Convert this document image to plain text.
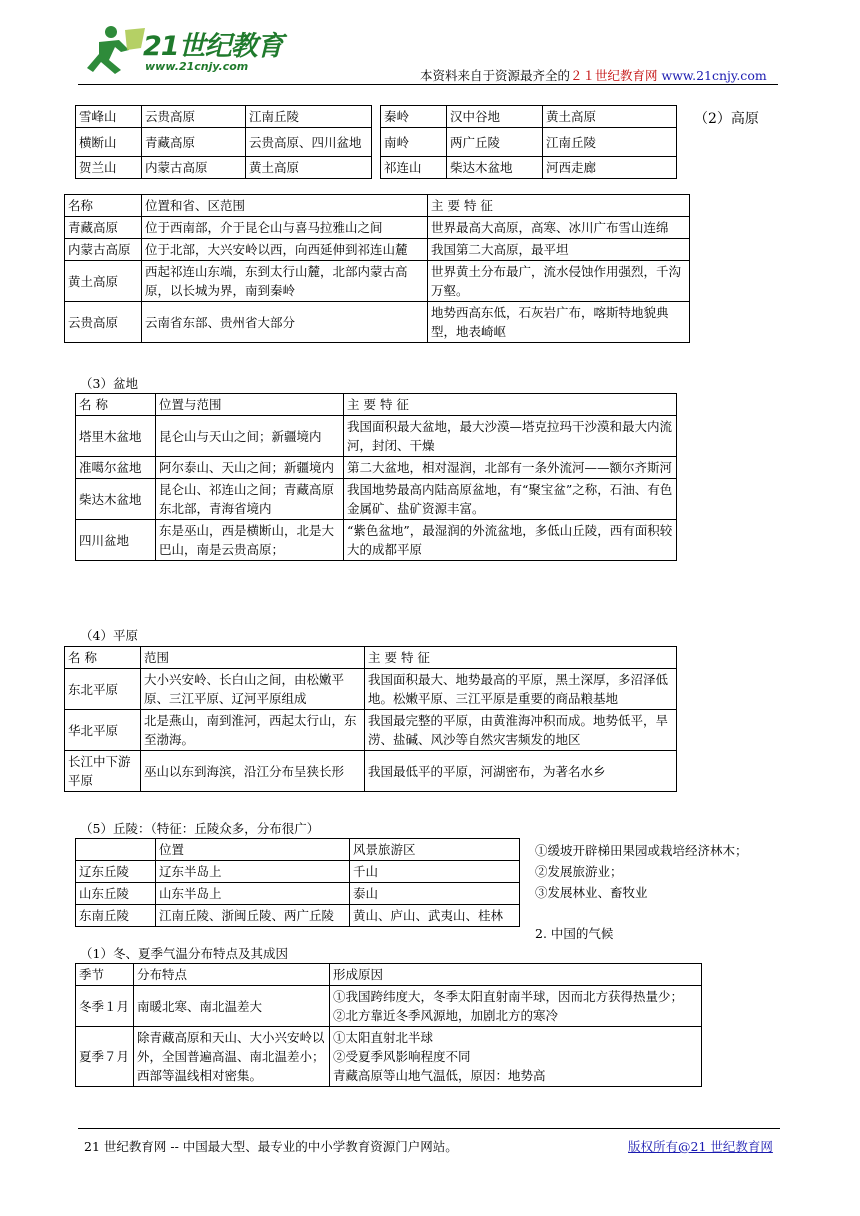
21世纪教育
www.21cnjy.com
本资料来自于资源最齐全的２１世纪教育网 www.21cnjy.com
雪峰山	云贵高原	江南丘陵
横断山	青藏高原	云贵高原、四川盆地
贺兰山	内蒙古高原	黄土高原
秦岭	汉中谷地	黄土高原
南岭	两广丘陵	江南丘陵
祁连山	柴达木盆地	河西走廊
（2）高原
名称	位置和省、区范围	主 要 特 征
青藏高原	位于西南部，介于昆仑山与喜马拉雅山之间	世界最高大高原，高寒、冰川广布雪山连绵
内蒙古高原	位于北部，大兴安岭以西，向西延伸到祁连山麓	我国第二大高原，最平坦
黄土高原	西起祁连山东端，东到太行山麓，北部内蒙古高原，以长城为界，南到秦岭	世界黄土分布最广，流水侵蚀作用强烈，千沟万壑。
云贵高原	云南省东部、贵州省大部分	地势西高东低，石灰岩广布，喀斯特地貌典型，地表崎岖
（3）盆地
名 称	位置与范围	主 要 特 征
塔里木盆地	昆仑山与天山之间；新疆境内	我国面积最大盆地，最大沙漠—塔克拉玛干沙漠和最大内流河，封闭、干燥
准噶尔盆地	阿尔泰山、天山之间；新疆境内	第二大盆地，相对湿润，北部有一条外流河——额尔齐斯河
柴达木盆地	昆仑山、祁连山之间；青藏高原东北部，青海省境内	我国地势最高内陆高原盆地，有“聚宝盆”之称，石油、有色金属矿、盐矿资源丰富。
四川盆地	东是巫山，西是横断山，北是大巴山，南是云贵高原；	“紫色盆地”，最湿润的外流盆地，多低山丘陵，西有面积较大的成都平原
（4）平原
名 称	范围	主 要 特 征
东北平原	大小兴安岭、长白山之间，由松嫩平原、三江平原、辽河平原组成	我国面积最大、地势最高的平原，黑土深厚，多沼泽低地。松嫩平原、三江平原是重要的商品粮基地
华北平原	北是燕山，南到淮河，西起太行山，东至渤海。	我国最完整的平原，由黄淮海冲积而成。地势低平，旱涝、盐碱、风沙等自然灾害频发的地区
长江中下游平原	巫山以东到海滨，沿江分布呈狭长形	我国最低平的平原，河湖密布，为著名水乡
（5）丘陵：（特征：丘陵众多，分布很广）
	位置	风景旅游区
辽东丘陵	辽东半岛上	千山
山东丘陵	山东半岛上	泰山
东南丘陵	江南丘陵、浙闽丘陵、两广丘陵	黄山、庐山、武夷山、桂林
①缓坡开辟梯田果园或栽培经济林木；
②发展旅游业；
③发展林业、畜牧业
2. 中国的气候
（1）冬、夏季气温分布特点及其成因
季节	分布特点	形成原因
冬季１月	南暖北寒、南北温差大	①我国跨纬度大，冬季太阳直射南半球，因而北方获得热量少；
②北方靠近冬季风源地，加剧北方的寒冷

夏季７月	除青藏高原和天山、大小兴安岭以外，全国普遍高温、南北温差小；西部等温线相对密集。	①太阳直射北半球
②受夏季风影响程度不同
青藏高原等山地气温低，原因：地势高
21 世纪教育网 -- 中国最大型、最专业的中小学教育资源门户网站。	版权所有@21 世纪教育网
